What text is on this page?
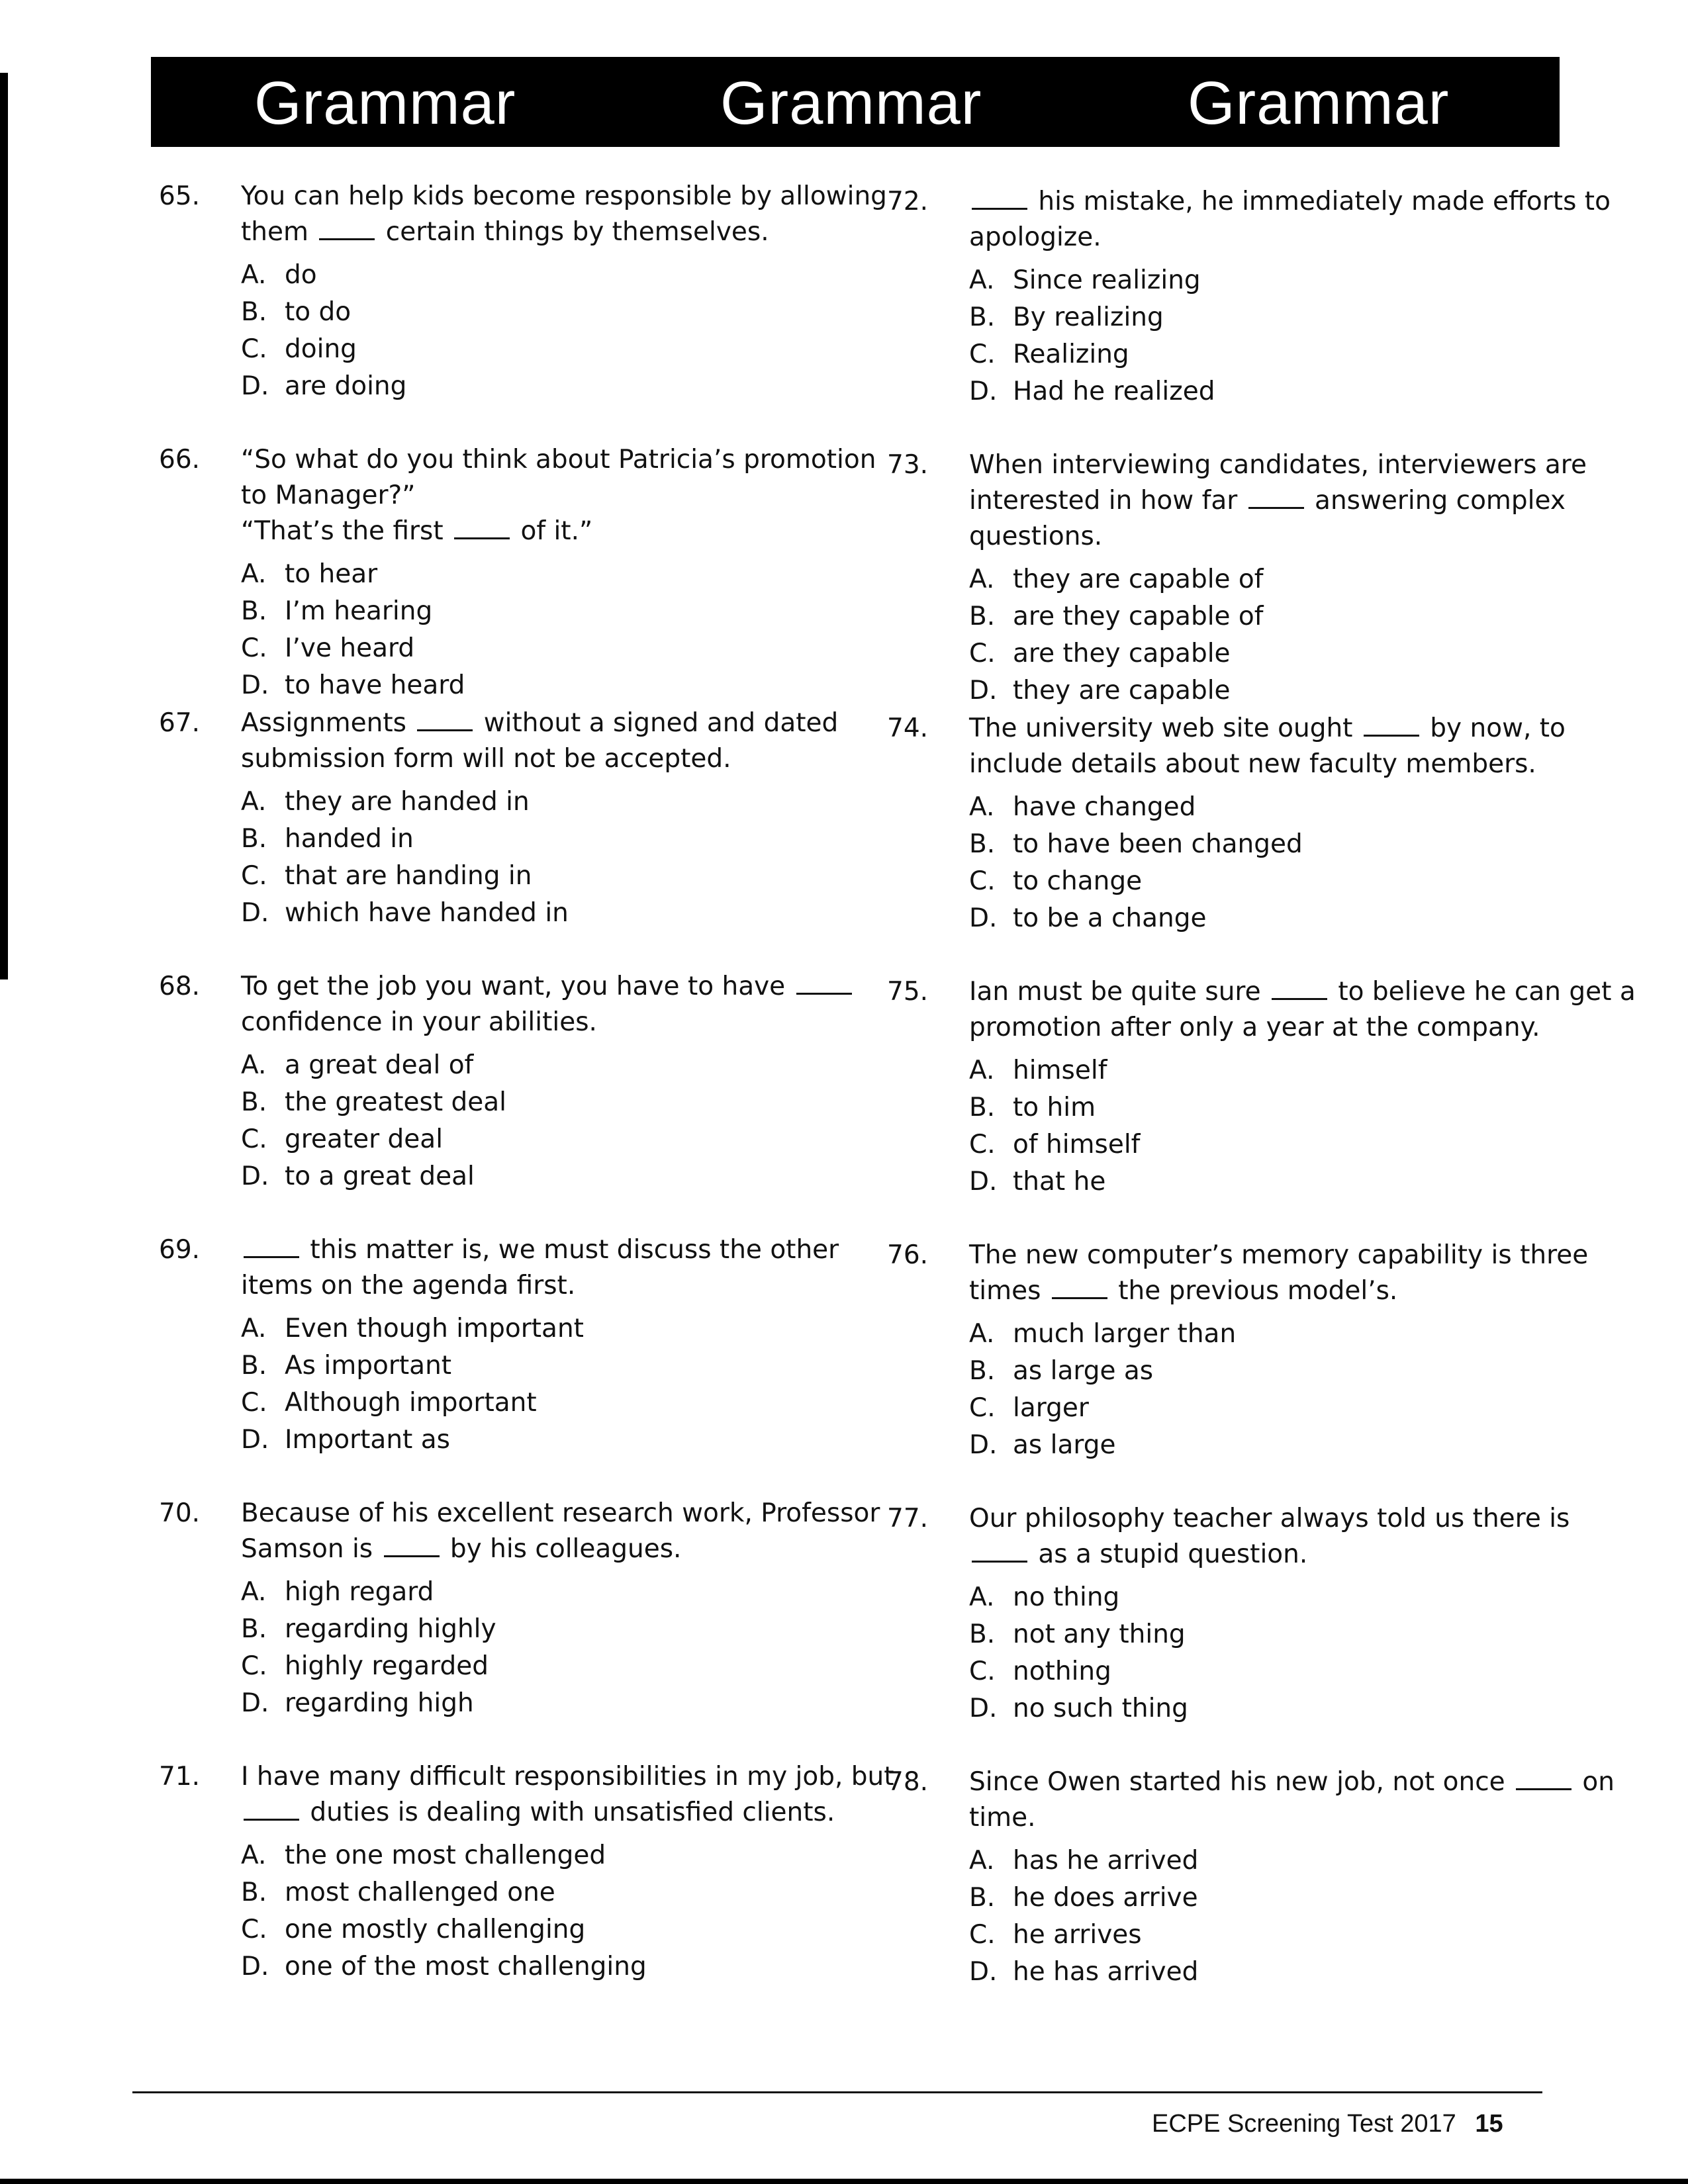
Grammar	Grammar	Grammar
65.	You can help kids become responsible by allowing
them  certain things by themselves.
A. do
B. to do
C. doing
D. are doing
66.	“So what do you think about Patricia’s promotion
to Manager?”
“That’s the first  of it.”
A. to hear
B. I’m hearing
C. I’ve heard
D. to have heard
67.	Assignments  without a signed and dated
submission form will not be accepted.
A. they are handed in
B. handed in
C. that are handing in
D. which have handed in
68.	To get the job you want, you have to have
confidence in your abilities.
A. a great deal of
B. the greatest deal
C. greater deal
D. to a great deal
69.	this matter is, we must discuss the other
items on the agenda first.
A. Even though important
B. As important
C. Although important
D. Important as
70.	Because of his excellent research work, Professor
Samson is  by his colleagues.
A. high regard
B. regarding highly
C. highly regarded
D. regarding high
71.	I have many difficult responsibilities in my job, but
duties is dealing with unsatisfied clients.
A. the one most challenged
B. most challenged one
C. one mostly challenging
D. one of the most challenging
72.	his mistake, he immediately made efforts to
apologize.
A. Since realizing
B. By realizing
C. Realizing
D. Had he realized
73.	When interviewing candidates, interviewers are
interested in how far  answering complex
questions.
A. they are capable of
B. are they capable of
C. are they capable
D. they are capable
74.	The university web site ought  by now, to
include details about new faculty members.
A. have changed
B. to have been changed
C. to change
D. to be a change
75.	Ian must be quite sure  to believe he can get a
promotion after only a year at the company.
A. himself
B. to him
C. of himself
D. that he
76.	The new computer’s memory capability is three
times  the previous model’s.
A. much larger than
B. as large as
C. larger
D. as large
77.	Our philosophy teacher always told us there is
as a stupid question.
A. no thing
B. not any thing
C. nothing
D. no such thing
78.	Since Owen started his new job, not once  on
time.
A. has he arrived
B. he does arrive
C. he arrives
D. he has arrived
ECPE Screening Test 2017 15
